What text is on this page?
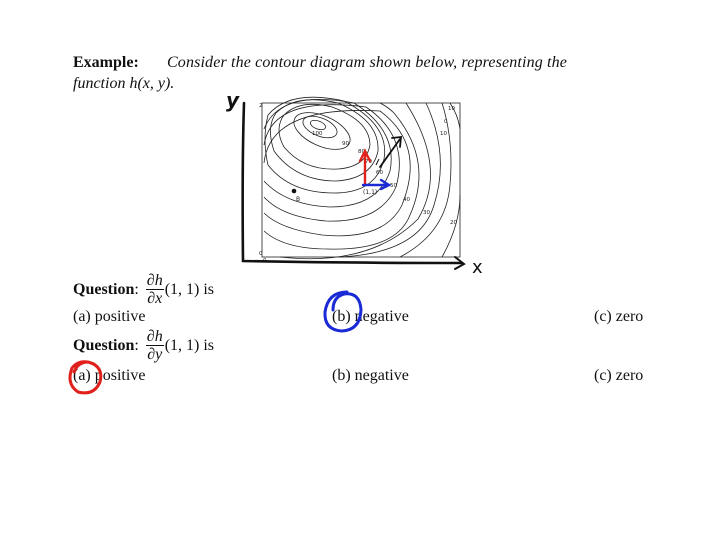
Example: Consider the contour diagram shown below, representing the
function h(x, y).
100
90
80
70
60
50
40
30
20
10
0
10
2
0
0
B
(1,1)
y
x
Question : $\frac{\partial h}{\partial x} (1$, 1) is
(a) positive	(b) negative	(c) zero
Question : $\frac{\partial h}{\partial y} (1$, 1) is
(a) positive	(b) negative	(c) zero
